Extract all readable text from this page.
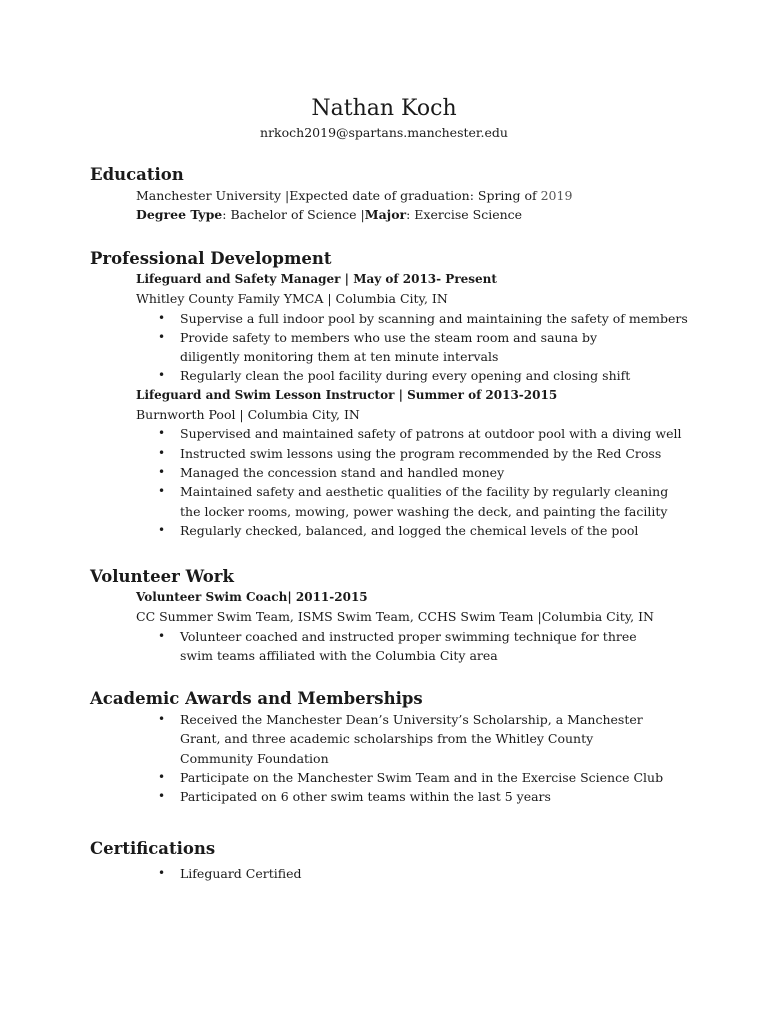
Nathan Koch
nrkoch2019@spartans.manchester.edu
Education
Manchester University |Expected date of graduation: Spring of 2019
Degree Type: Bachelor of Science |Major: Exercise Science
Professional Development
Lifeguard and Safety Manager | May of 2013- Present
Whitley County Family YMCA | Columbia City, IN
• Supervise a full indoor pool by scanning and maintaining the safety of members
• Provide safety to members who use the steam room and sauna by diligently monitoring them at ten minute intervals
• Regularly clean the pool facility during every opening and closing shift
Lifeguard and Swim Lesson Instructor | Summer of 2013-2015
Burnworth Pool | Columbia City, IN
• Supervised and maintained safety of patrons at outdoor pool with a diving well
• Instructed swim lessons using the program recommended by the Red Cross
• Managed the concession stand and handled money
• Maintained safety and aesthetic qualities of the facility by regularly cleaning the locker rooms, mowing, power washing the deck, and painting the facility
• Regularly checked, balanced, and logged the chemical levels of the pool
Volunteer Work
Volunteer Swim Coach| 2011-2015
CC Summer Swim Team, ISMS Swim Team, CCHS Swim Team |Columbia City, IN
• Volunteer coached and instructed proper swimming technique for three swim teams affiliated with the Columbia City area
Academic Awards and Memberships
• Received the Manchester Dean’s University’s Scholarship, a Manchester Grant, and three academic scholarships from the Whitley County Community Foundation
• Participate on the Manchester Swim Team and in the Exercise Science Club
• Participated on 6 other swim teams within the last 5 years
Certifications
• Lifeguard Certified
